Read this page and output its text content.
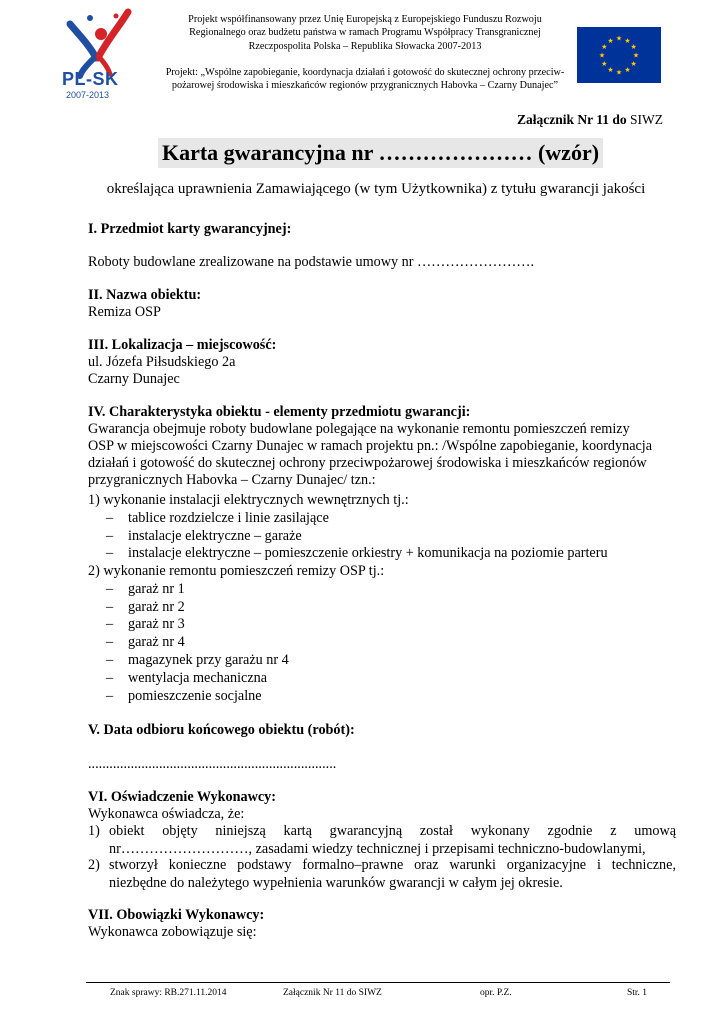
PL-SK
2007-2013
Projekt współfinansowany przez Unię Europejską z Europejskiego Funduszu Rozwoju
Regionalnego oraz budżetu państwa w ramach Programu Współpracy Transgranicznej
Rzeczpospolita Polska – Republika Słowacka 2007-2013
Projekt: „Wspólne zapobieganie, koordynacja działań i gotowość do skutecznej ochrony przeciw-
pożarowej środowiska i mieszkańców regionów przygranicznych Habovka – Czarny Dunajec”
★ ★
★
★
★
★
★
★
★
★
★
★
Załącznik Nr 11 do SIWZ
Karta gwarancyjna nr ………………… (wzór)
określająca uprawnienia Zamawiającego (w tym Użytkownika) z tytułu gwarancji jakości
I. Przedmiot karty gwarancyjnej:
Roboty budowlane zrealizowane na podstawie umowy nr …………………….
II. Nazwa obiektu:
Remiza OSP
III. Lokalizacja – miejscowość:
ul. Józefa Piłsudskiego 2a
Czarny Dunajec
IV. Charakterystyka obiektu - elementy przedmiotu gwarancji:
Gwarancja obejmuje roboty budowlane polegające na wykonanie remontu pomieszczeń remizy
OSP w miejscowości Czarny Dunajec w ramach projektu pn.: /Wspólne zapobieganie, koordynacja
działań i gotowość do skutecznej ochrony przeciwpożarowej środowiska i mieszkańców regionów
przygranicznych Habovka – Czarny Dunajec/ tzn.:
1) wykonanie instalacji elektrycznych wewnętrznych tj.:
– tablice rozdzielcze i linie zasilające
– instalacje elektryczne – garaże
– instalacje elektryczne – pomieszczenie orkiestry + komunikacja na poziomie parteru
2) wykonanie remontu pomieszczeń remizy OSP tj.:
– garaż nr 1
– garaż nr 2
– garaż nr 3
– garaż nr 4
– magazynek przy garażu nr 4
– wentylacja mechaniczna
– pomieszczenie socjalne
V. Data odbioru końcowego obiektu (robót):
......................................................................
VI. Oświadczenie Wykonawcy:
Wykonawca oświadcza, że:
1) obiekt objęty niniejszą kartą gwarancyjną został wykonany zgodnie z umową nr………………………, zasadami wiedzy technicznej i przepisami techniczno-budowlanymi,
2) stworzył konieczne podstawy formalno–prawne oraz warunki organizacyjne i techniczne, niezbędne do należytego wypełnienia warunków gwarancji w całym jej okresie.
VII. Obowiązki Wykonawcy:
Wykonawca zobowiązuje się:
Znak sprawy: RB.271.11.2014	Załącznik Nr 11 do SIWZ	opr. P.Z.	Str. 1
